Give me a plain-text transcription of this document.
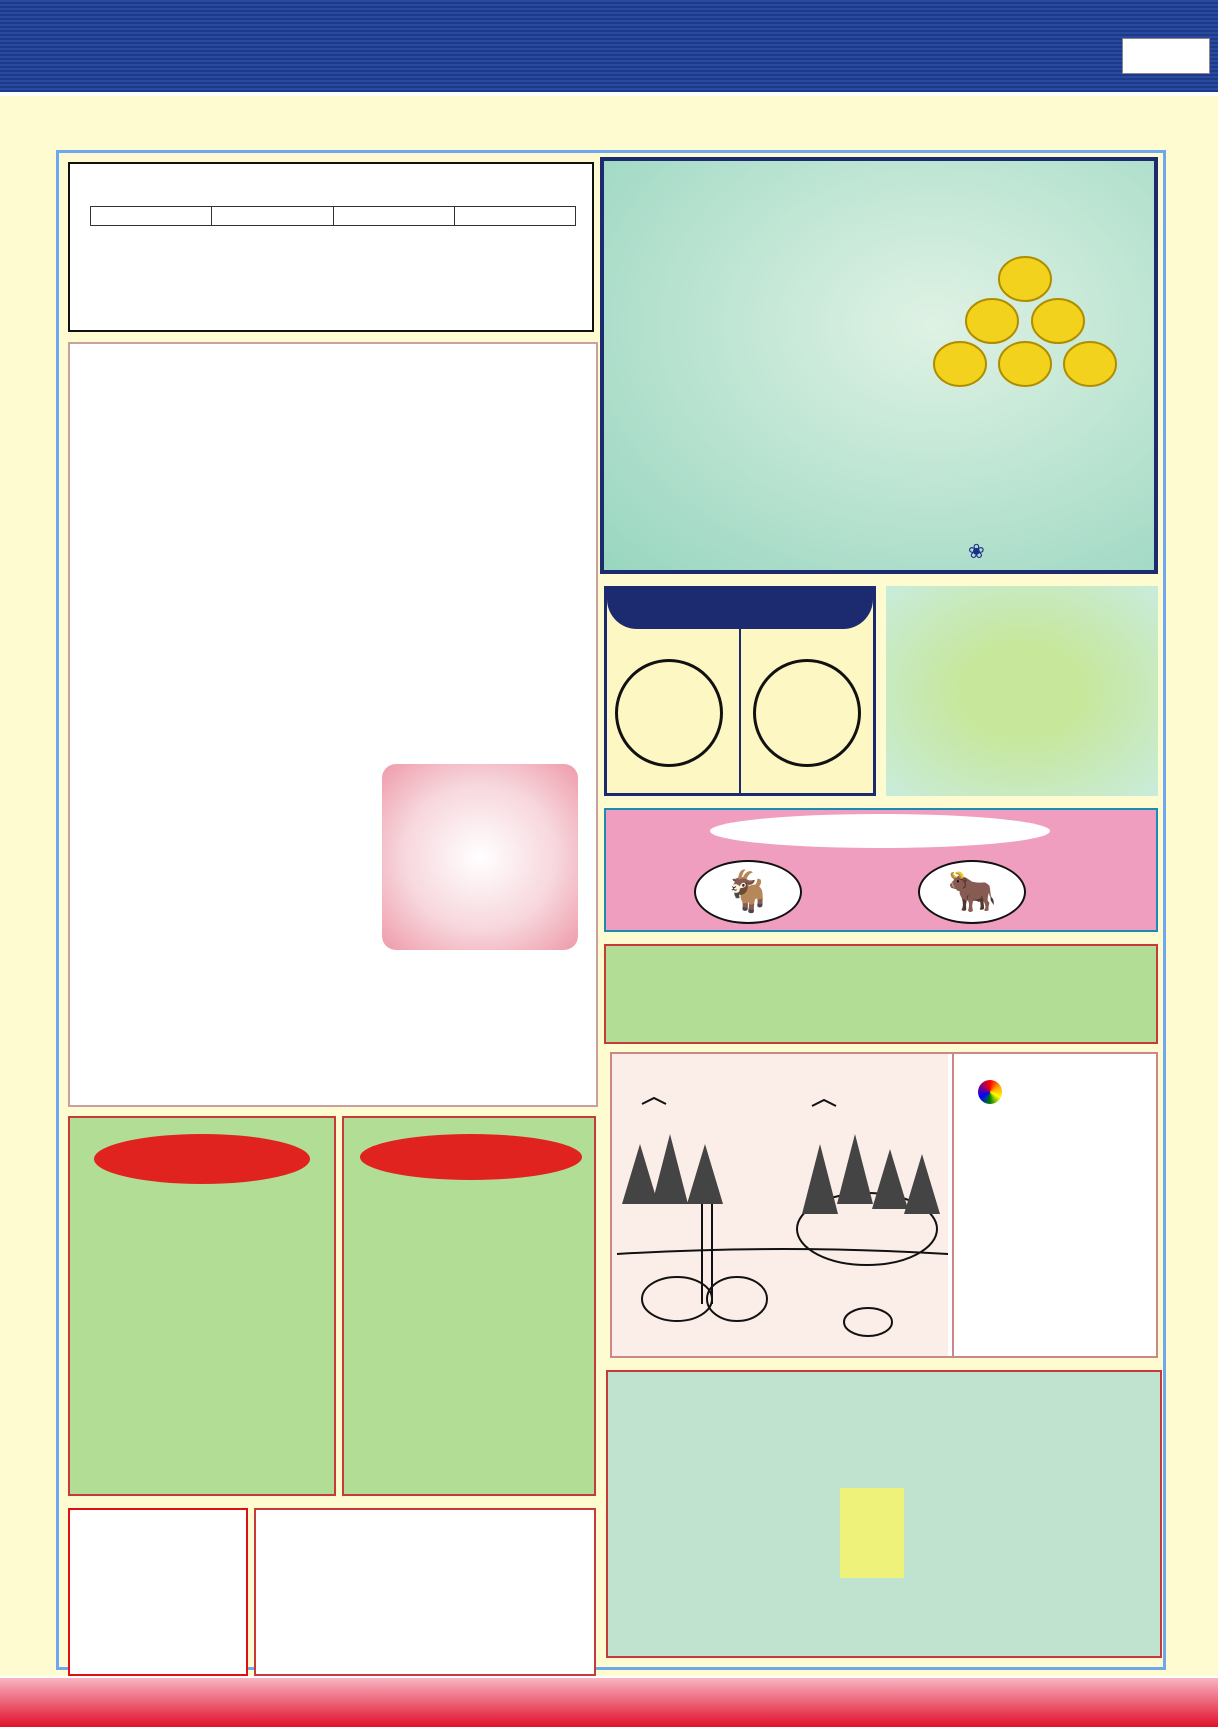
❀
🐐	🐂
